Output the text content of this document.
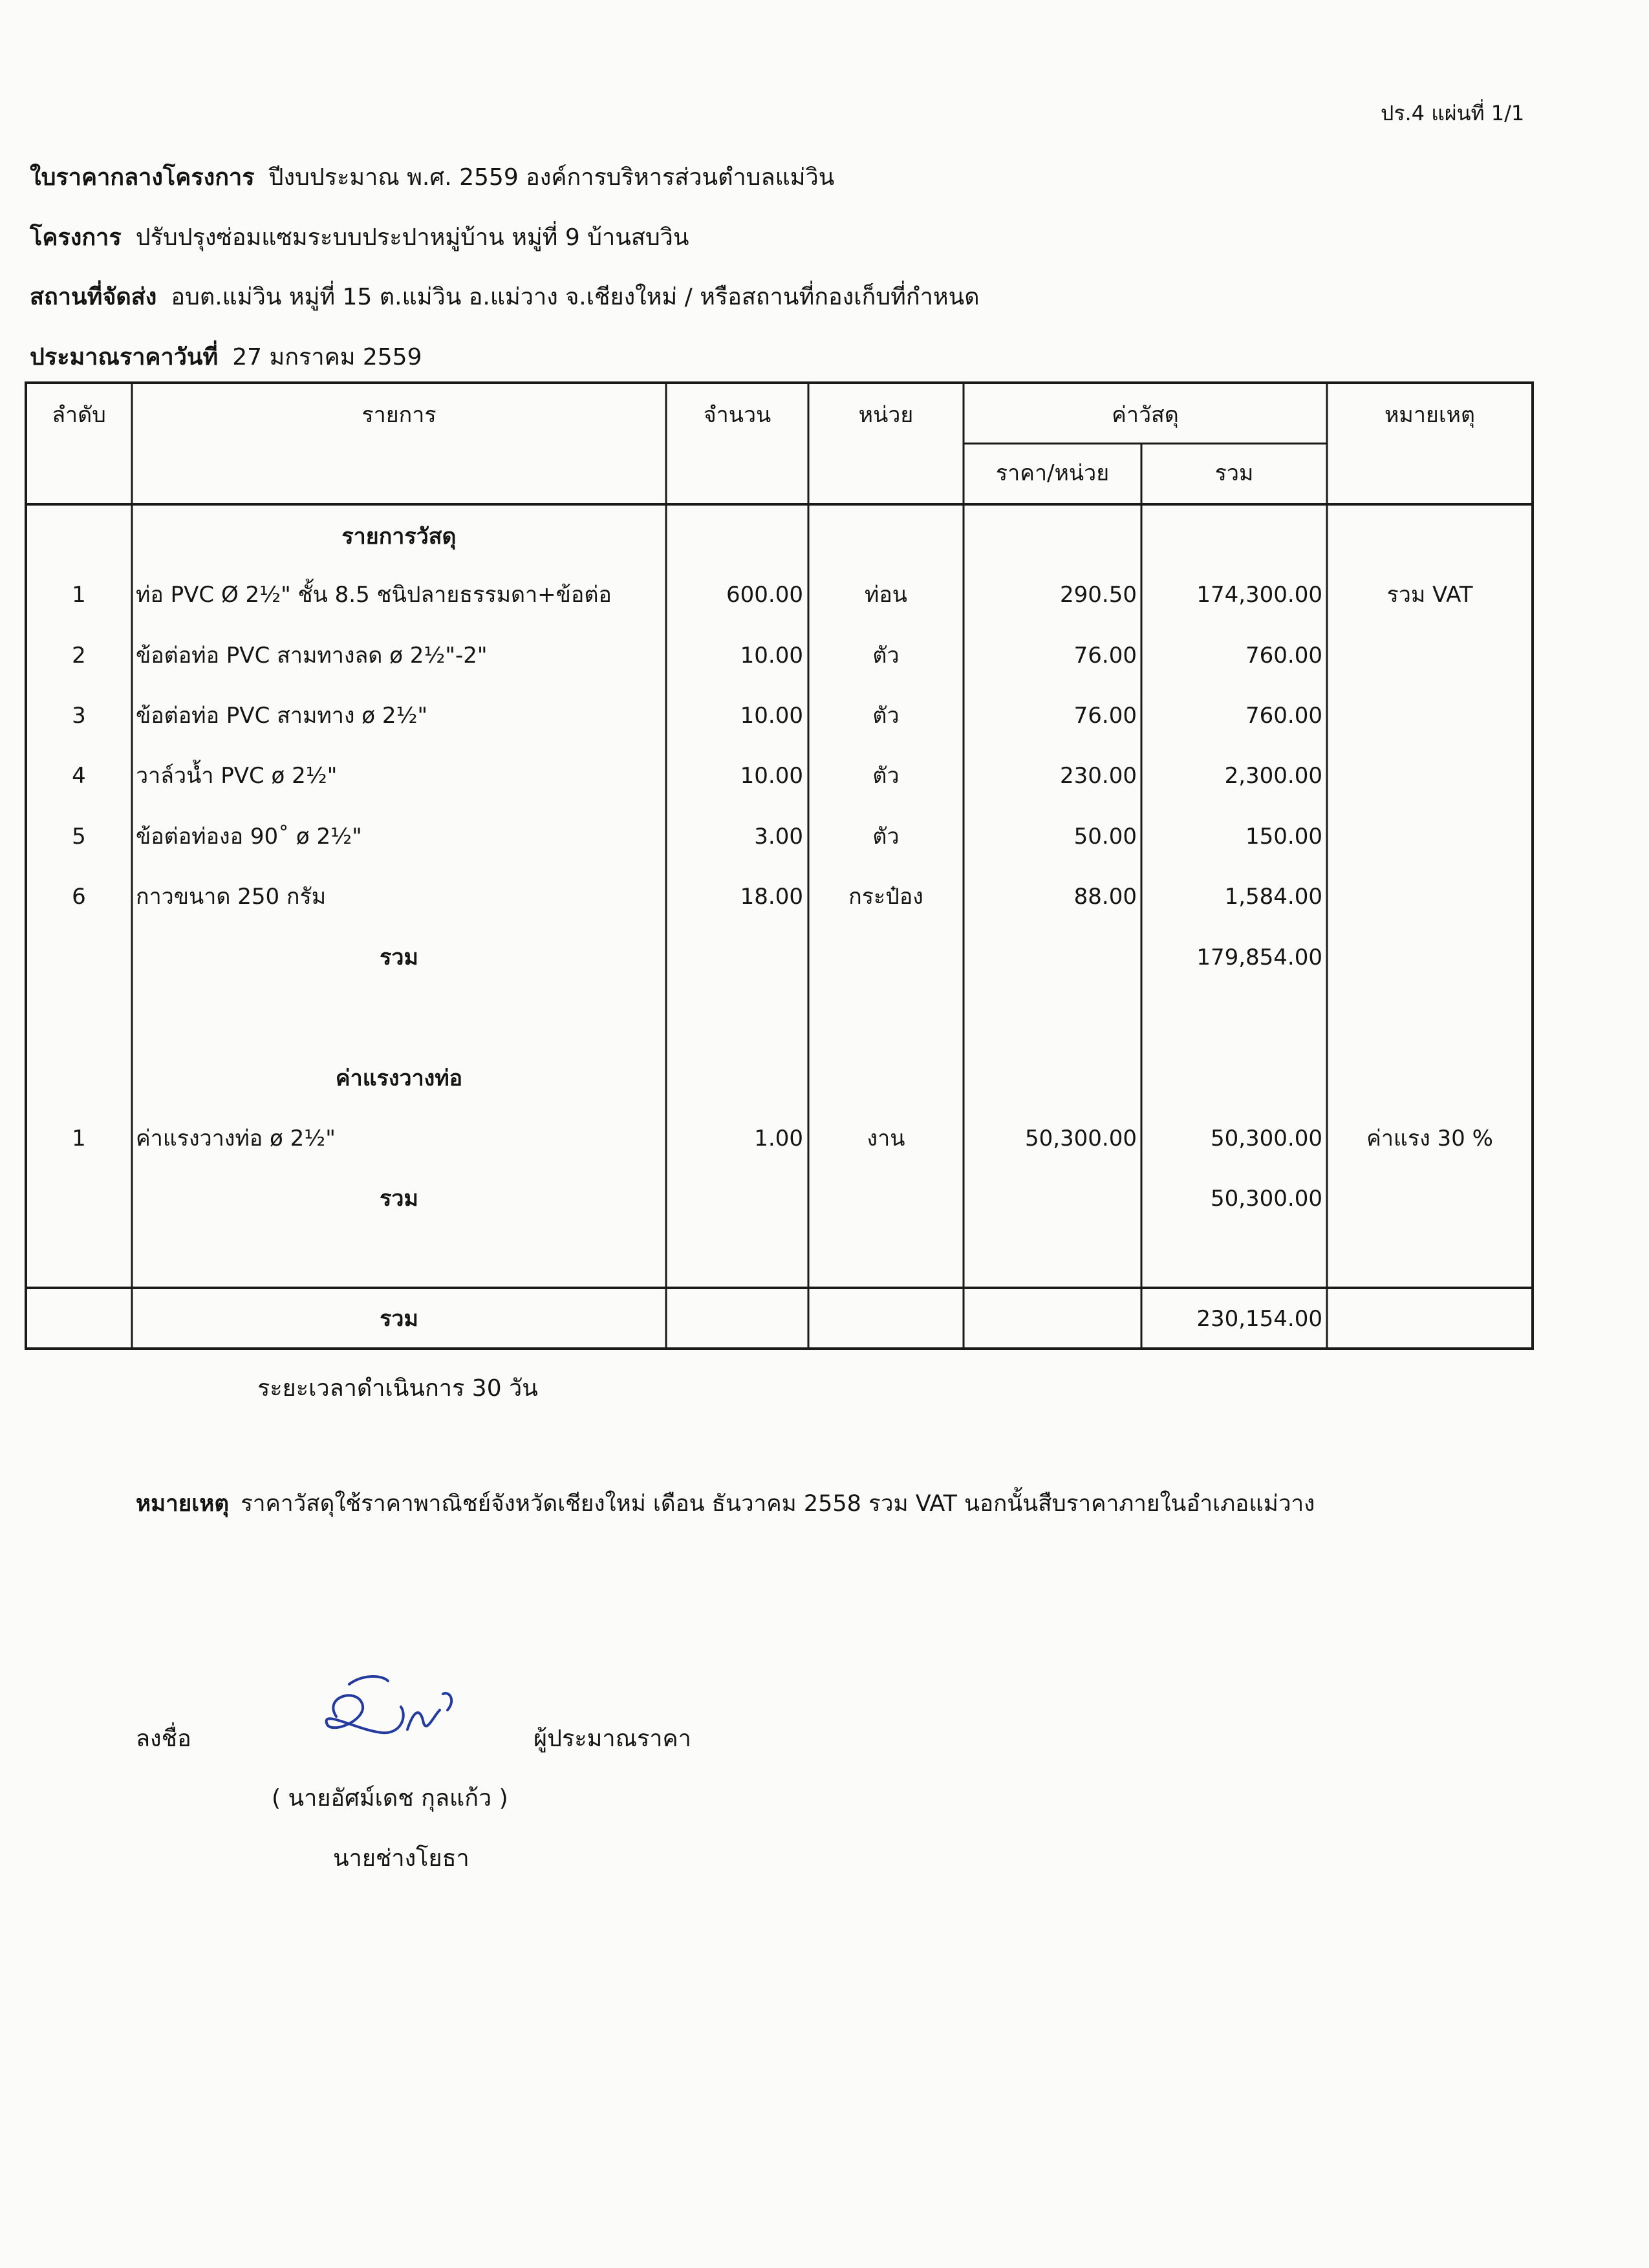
ปร.4 แผ่นที่ 1/1
ใบราคากลางโครงการ ปีงบประมาณ พ.ศ. 2559 องค์การบริหารส่วนตำบลแม่วิน
โครงการ ปรับปรุงซ่อมแซมระบบประปาหมู่บ้าน หมู่ที่ 9 บ้านสบวิน
สถานที่จัดส่ง อบต.แม่วิน หมู่ที่ 15 ต.แม่วิน อ.แม่วาง จ.เชียงใหม่ / หรือสถานที่กองเก็บที่กำหนด
ประมาณราคาวันที่ 27 มกราคม 2559
ลำดับ	รายการ	จำนวน	หน่วย	ค่าวัสดุ	หมายเหตุ
ราคา/หน่วย	รวม
รายการวัสดุ
1	ท่อ PVC Ø 2½" ชั้น 8.5 ชนิปลายธรรมดา+ข้อต่อ	600.00	ท่อน	290.50	174,300.00	รวม VAT
2	ข้อต่อท่อ PVC สามทางลด ø 2½"-2"	10.00	ตัว	76.00	760.00
3	ข้อต่อท่อ PVC สามทาง ø 2½"	10.00	ตัว	76.00	760.00
4	วาล์วน้ำ PVC ø 2½"	10.00	ตัว	230.00	2,300.00
5	ข้อต่อท่องอ 90˚ ø 2½"	3.00	ตัว	50.00	150.00
6	กาวขนาด 250 กรัม	18.00	กระป๋อง	88.00	1,584.00
รวม	179,854.00
ค่าแรงวางท่อ
1	ค่าแรงวางท่อ ø 2½"	1.00	งาน	50,300.00	50,300.00	ค่าแรง 30 %
รวม	50,300.00
รวม	230,154.00
ระยะเวลาดำเนินการ 30 วัน
หมายเหตุ ราคาวัสดุใช้ราคาพาณิชย์จังหวัดเชียงใหม่ เดือน ธันวาคม 2558 รวม VAT นอกนั้นสืบราคาภายในอำเภอแม่วาง
ลงชื่อ	ผู้ประมาณราคา
( นายอัศม์เดช กุลแก้ว )
นายช่างโยธา
